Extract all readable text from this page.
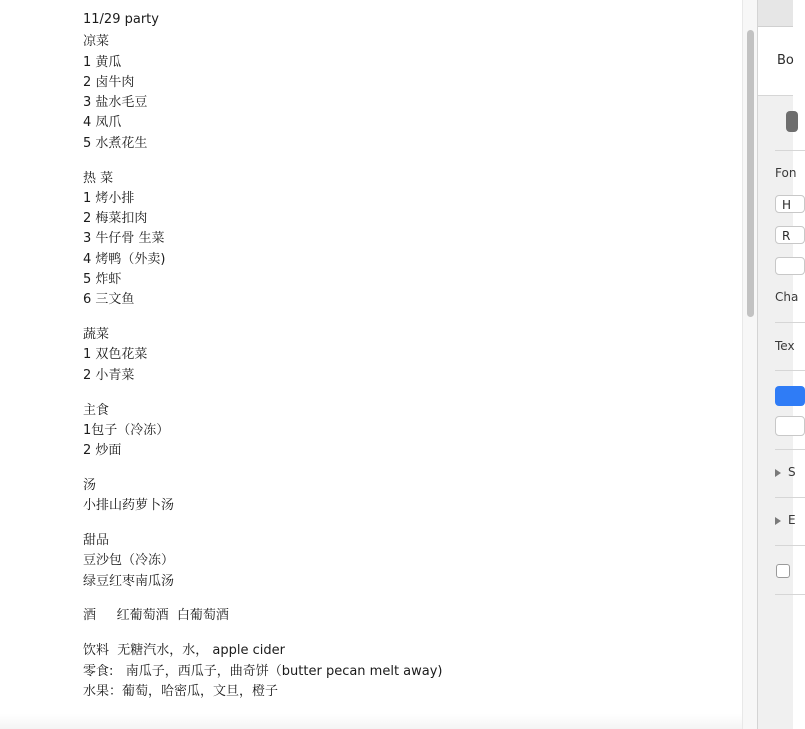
11/29 party
凉菜
1 黄瓜
2 卤牛肉
3 盐水毛豆
4 凤爪
5 水煮花生
热 菜
1 烤小排
2 梅菜扣肉
3 牛仔骨 生菜
4 烤鸭（外卖)
5 炸虾
6 三文鱼
蔬菜
1 双色花菜
2 小青菜
主食
1包子（冷冻）
2 炒面
汤
小排山药萝卜汤
甜品
豆沙包（冷冻）
绿豆红枣南瓜汤
酒     红葡萄酒  白葡萄酒
饮料  无糖汽水，水， apple cider
零食:   南瓜子，西瓜子，曲奇饼（butter pecan melt away)
水果：葡萄，哈密瓜，文旦，橙子
Bo
Fon
H
R
Cha
Tex
S
E
